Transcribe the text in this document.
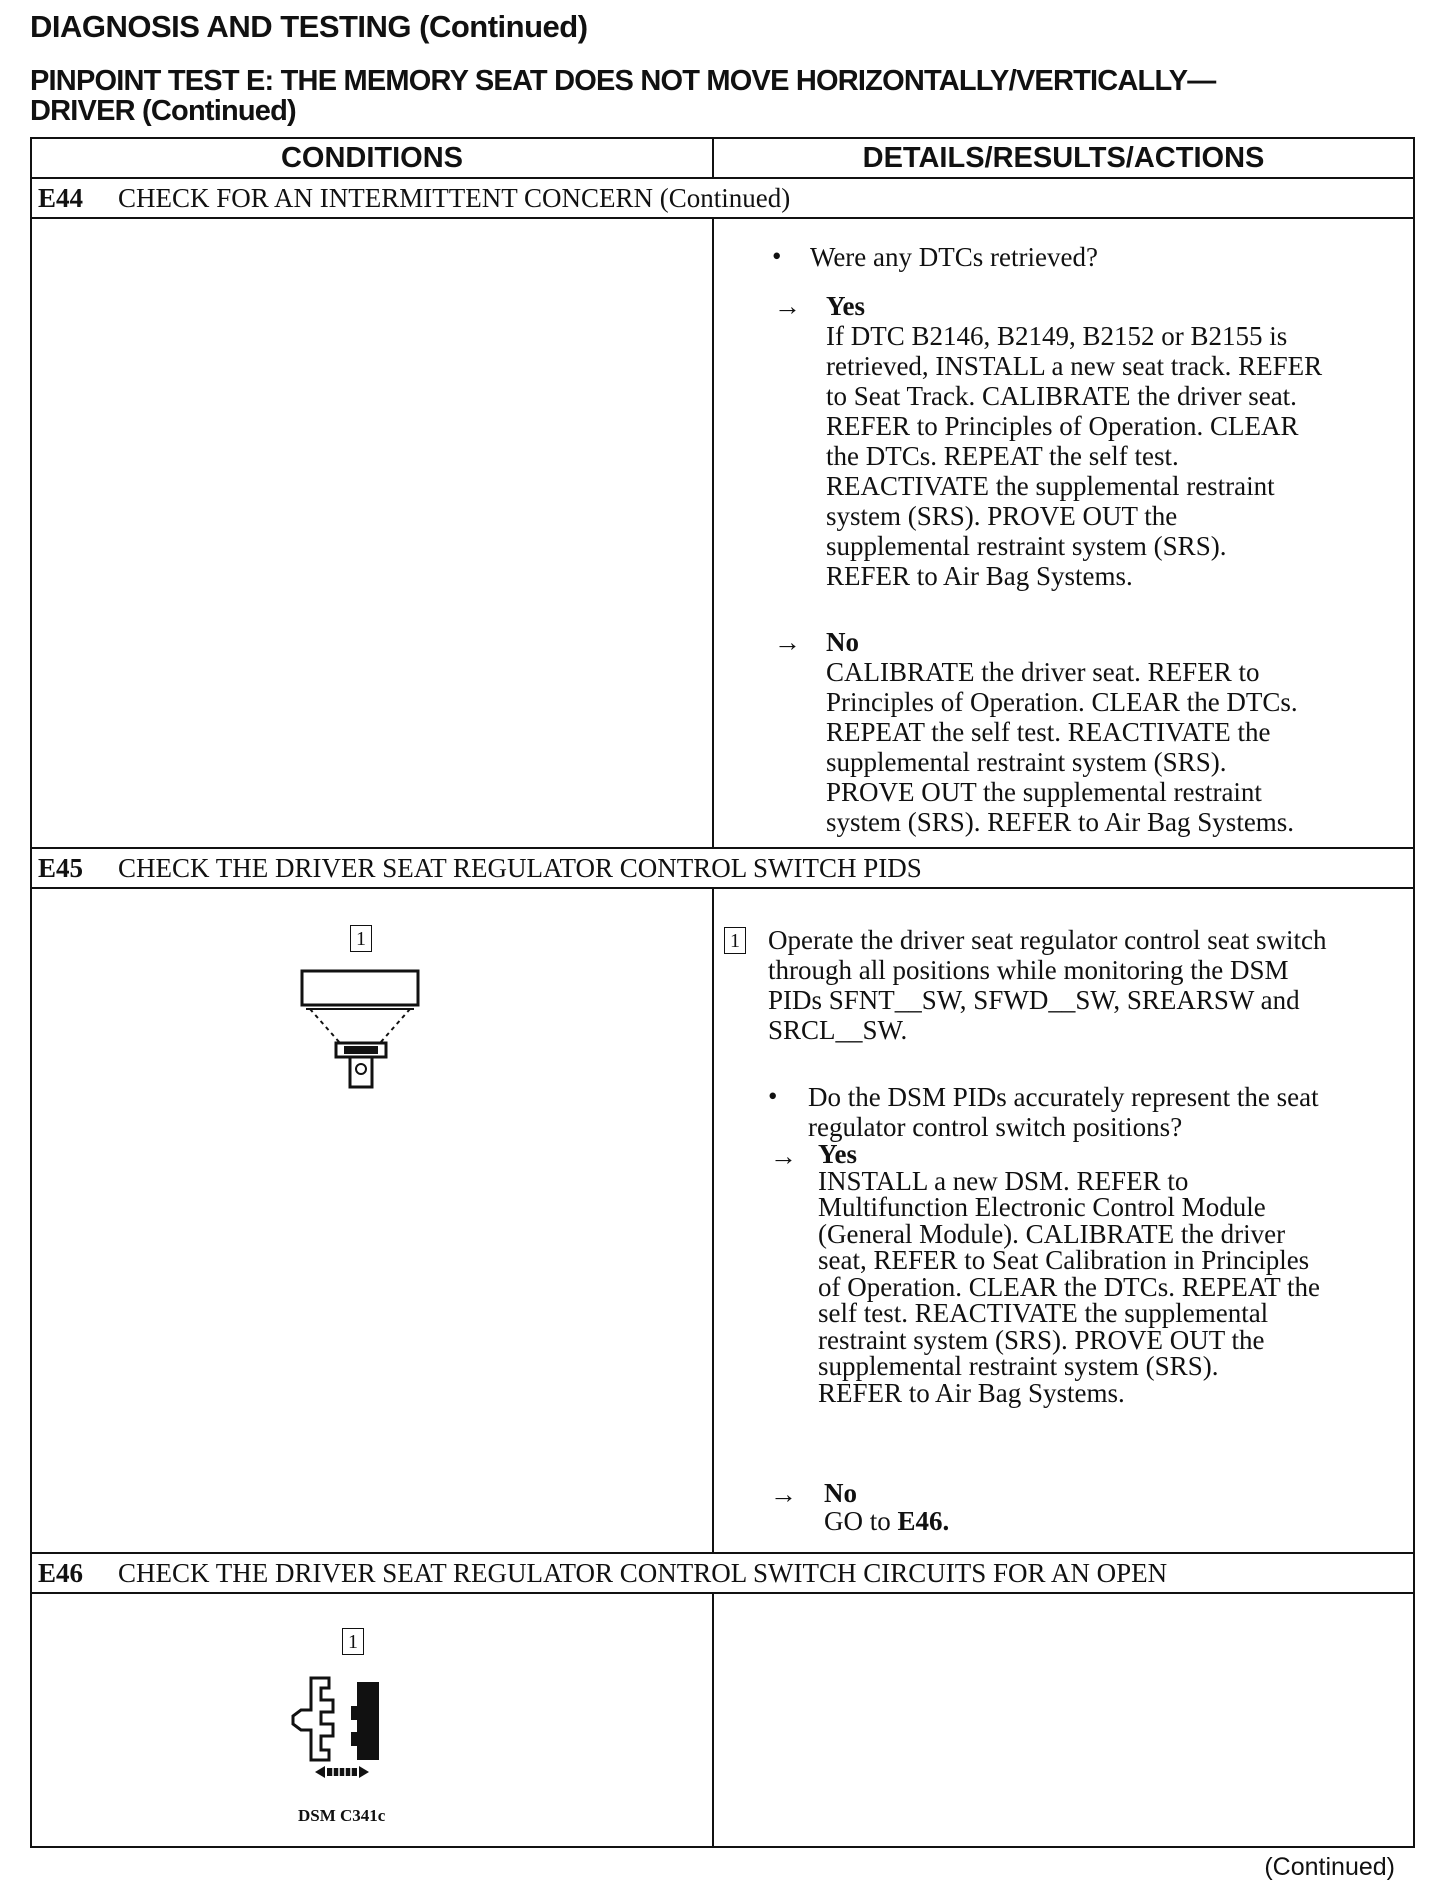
DIAGNOSIS AND TESTING (Continued)
PINPOINT TEST E: THE MEMORY SEAT DOES NOT MOVE HORIZONTALLY/VERTICALLY—
DRIVER (Continued)
CONDITIONS	DETAILS/RESULTS/ACTIONS
E44	CHECK FOR AN INTERMITTENT CONCERN (Continued)
• Were any DTCs retrieved?
→ Yes
If DTC B2146, B2149, B2152 or B2155 is
retrieved, INSTALL a new seat track. REFER
to Seat Track. CALIBRATE the driver seat.
REFER to Principles of Operation. CLEAR
the DTCs. REPEAT the self test.
REACTIVATE the supplemental restraint
system (SRS). PROVE OUT the
supplemental restraint system (SRS).
REFER to Air Bag Systems.
→ No
CALIBRATE the driver seat. REFER to
Principles of Operation. CLEAR the DTCs.
REPEAT the self test. REACTIVATE the
supplemental restraint system (SRS).
PROVE OUT the supplemental restraint
system (SRS). REFER to Air Bag Systems.
E45	CHECK THE DRIVER SEAT REGULATOR CONTROL SWITCH PIDS
1	1 Operate the driver seat regulator control seat switch
through all positions while monitoring the DSM
PIDs SFNT__SW, SFWD__SW, SREARSW and
SRCL__SW.
• Do the DSM PIDs accurately represent the seat
regulator control switch positions?
→ Yes
INSTALL a new DSM. REFER to
Multifunction Electronic Control Module
(General Module). CALIBRATE the driver
seat, REFER to Seat Calibration in Principles
of Operation. CLEAR the DTCs. REPEAT the
self test. REACTIVATE the supplemental
restraint system (SRS). PROVE OUT the
supplemental restraint system (SRS).
REFER to Air Bag Systems.
→ No
GO to E46.
E46	CHECK THE DRIVER SEAT REGULATOR CONTROL SWITCH CIRCUITS FOR AN OPEN
1
DSM C341c
(Continued)
